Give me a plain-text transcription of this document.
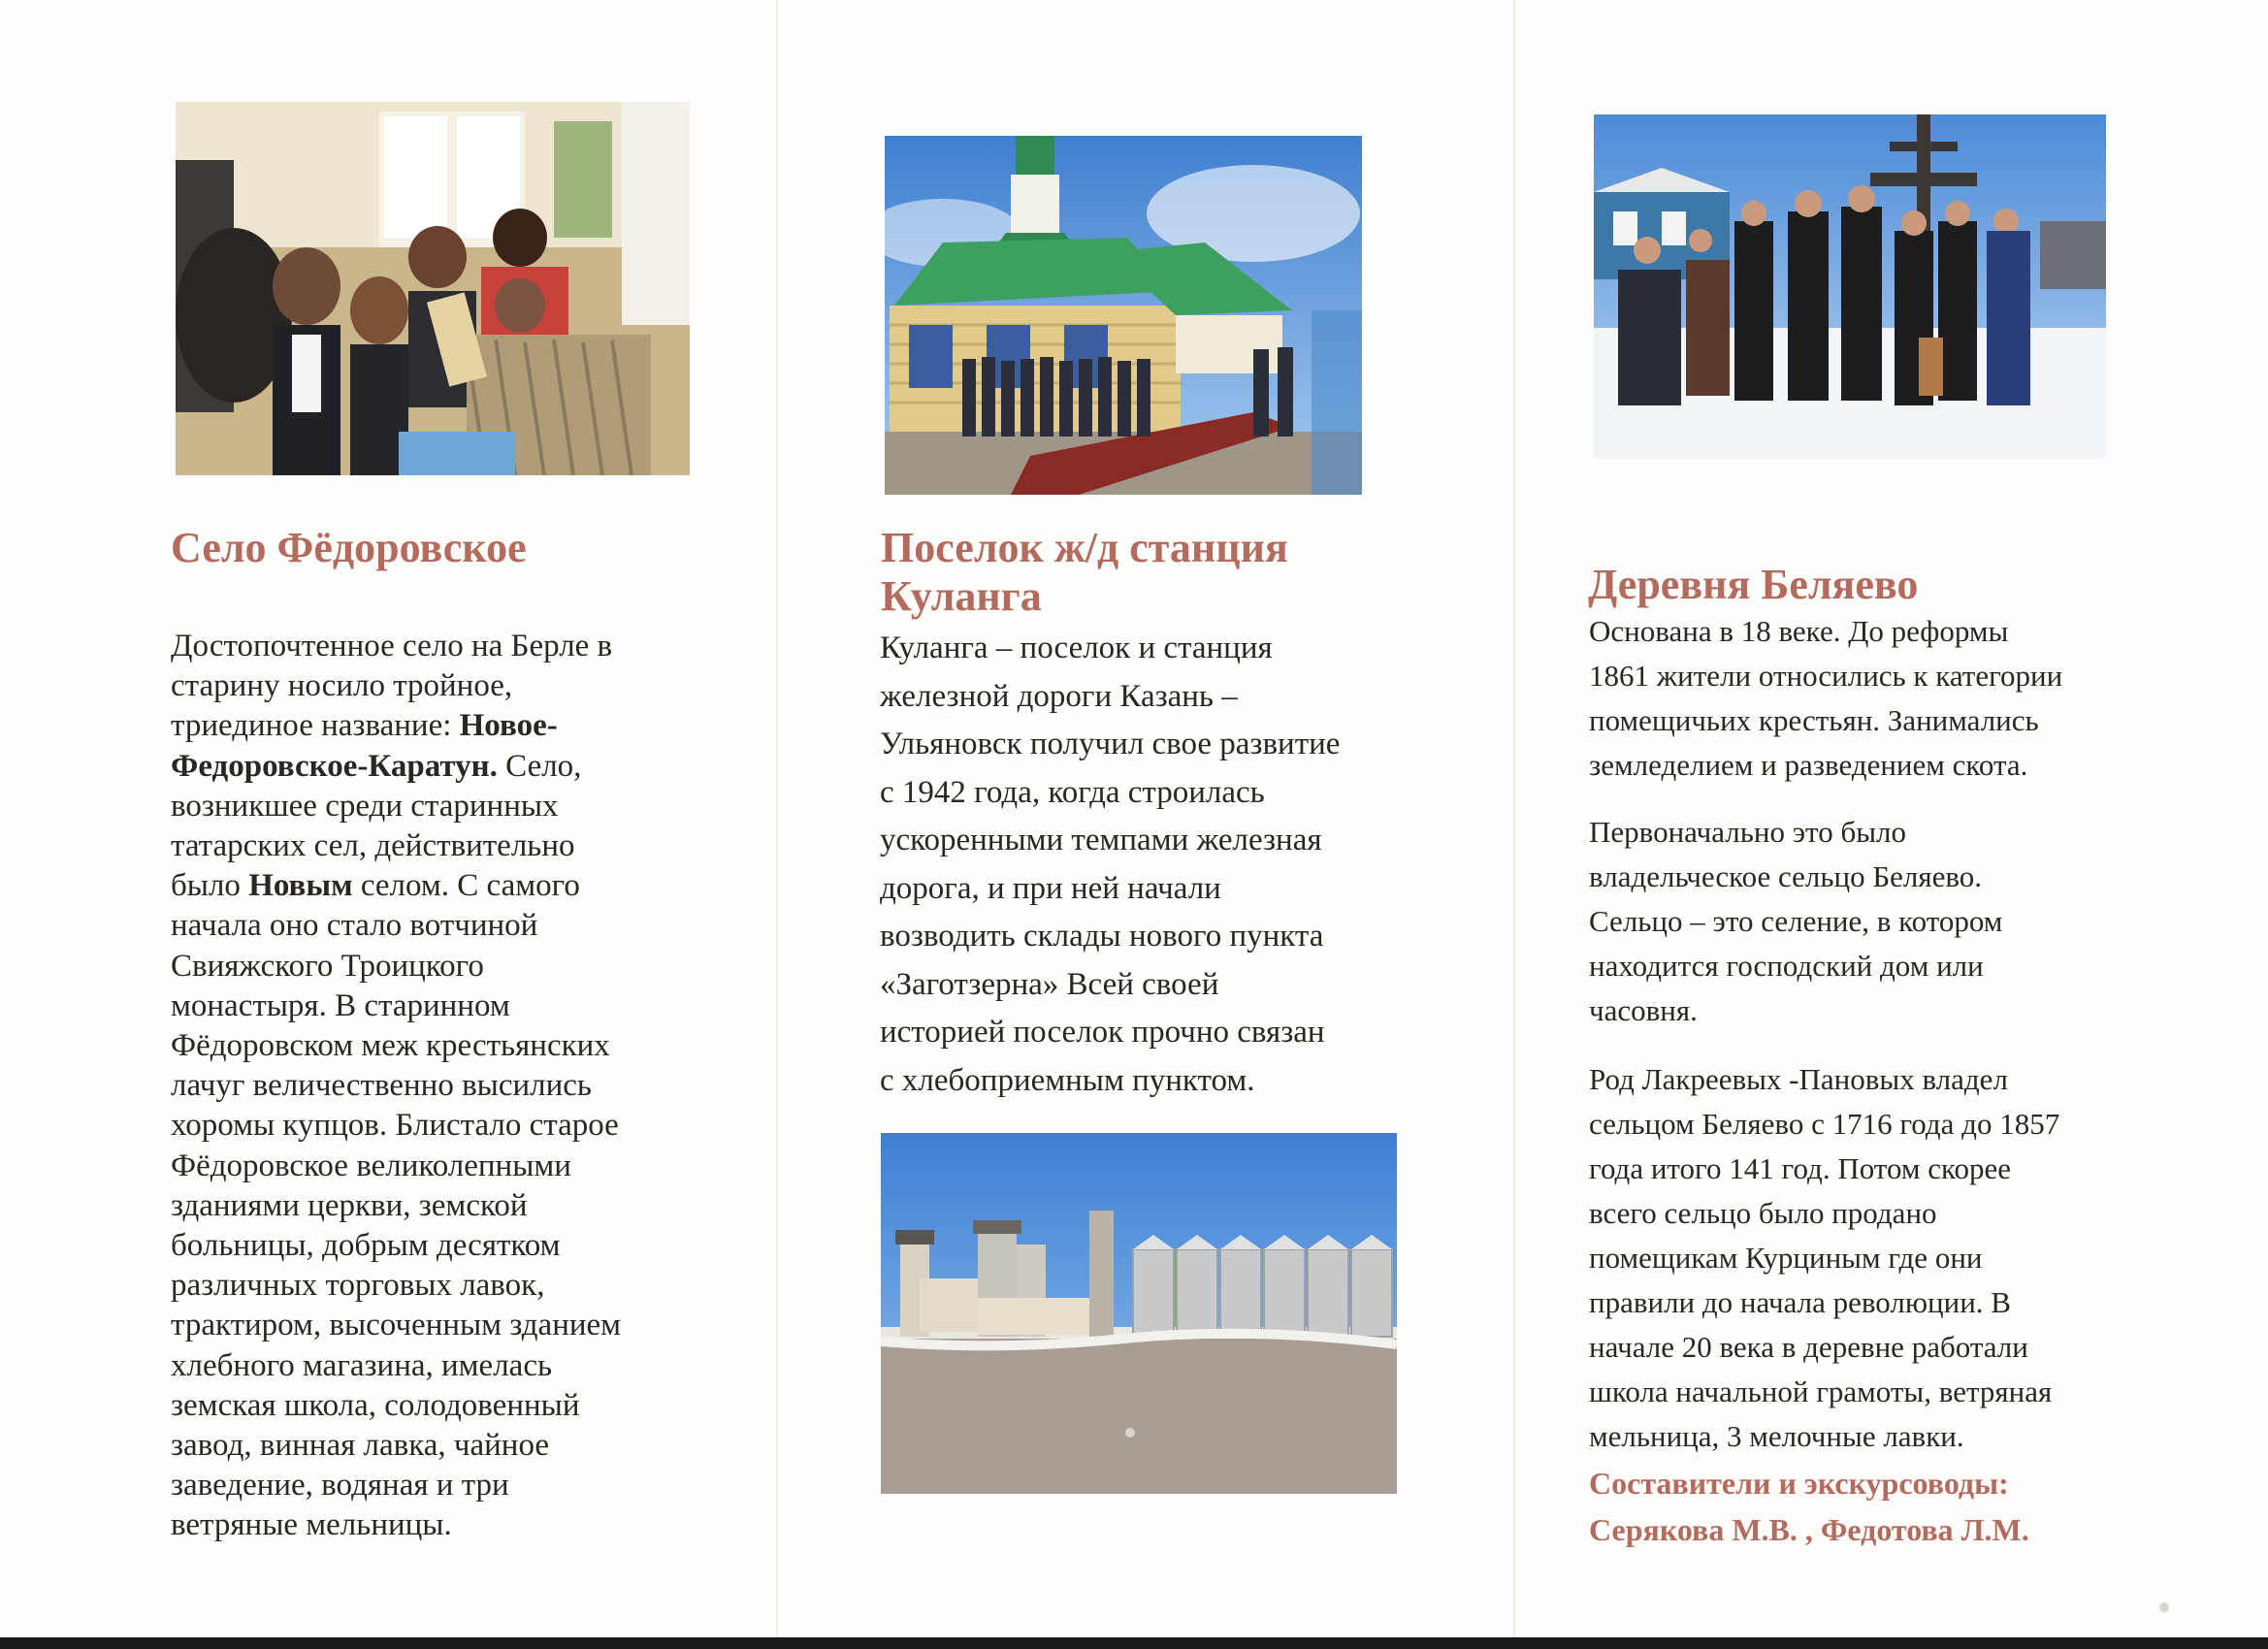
Село Фёдоровское

Достопочтенное село на Берле в

старину носило тройное,

триединое название: Новое-

Федоровское-Каратун. Село,

возникшее среди старинных

татарских сел, действительно

было Новым селом. С самого

начала оно стало вотчиной

Свияжского Троицкого

монастыря. В старинном

Фёдоровском меж крестьянских

лачуг величественно высились

хоромы купцов. Блистало старое

Фёдоровское великолепными

зданиями церкви, земской

больницы, добрым десятком

различных торговых лавок,

трактиром, высоченным зданием

хлебного магазина, имелась

земская школа, солодовенный

завод, винная лавка, чайное

заведение, водяная и три

ветряные мельницы.

Поселок ж/д станция
Куланга

Куланга – поселок и станция

железной дороги Казань –

Ульяновск получил свое развитие

с 1942 года, когда строилась

ускоренными темпами железная

дорога, и при ней начали

возводить склады нового пункта

«Заготзерна» Всей своей

историей поселок прочно связан

с хлебоприемным пунктом.

Деревня Беляево
Основана в 18 веке. До реформы
1861 жители относились к категории
помещичьих крестьян. Занимались
земледелием и разведением скота.
Первоначально это было
владельческое сельцо Беляево.
Сельцо – это селение, в котором
находится господский дом или
часовня.
Род Лакреевых -Пановых владел
сельцом Беляево с 1716 года до 1857
года итого 141 год. Потом скорее
всего сельцо было продано
помещикам Курциным где они
правили до начала революции. В
начале 20 века в деревне работали
школа начальной грамоты, ветряная
мельница, 3 мелочные лавки.
Составители и экскурсоводы:
Серякова М.В. , Федотова Л.М.
